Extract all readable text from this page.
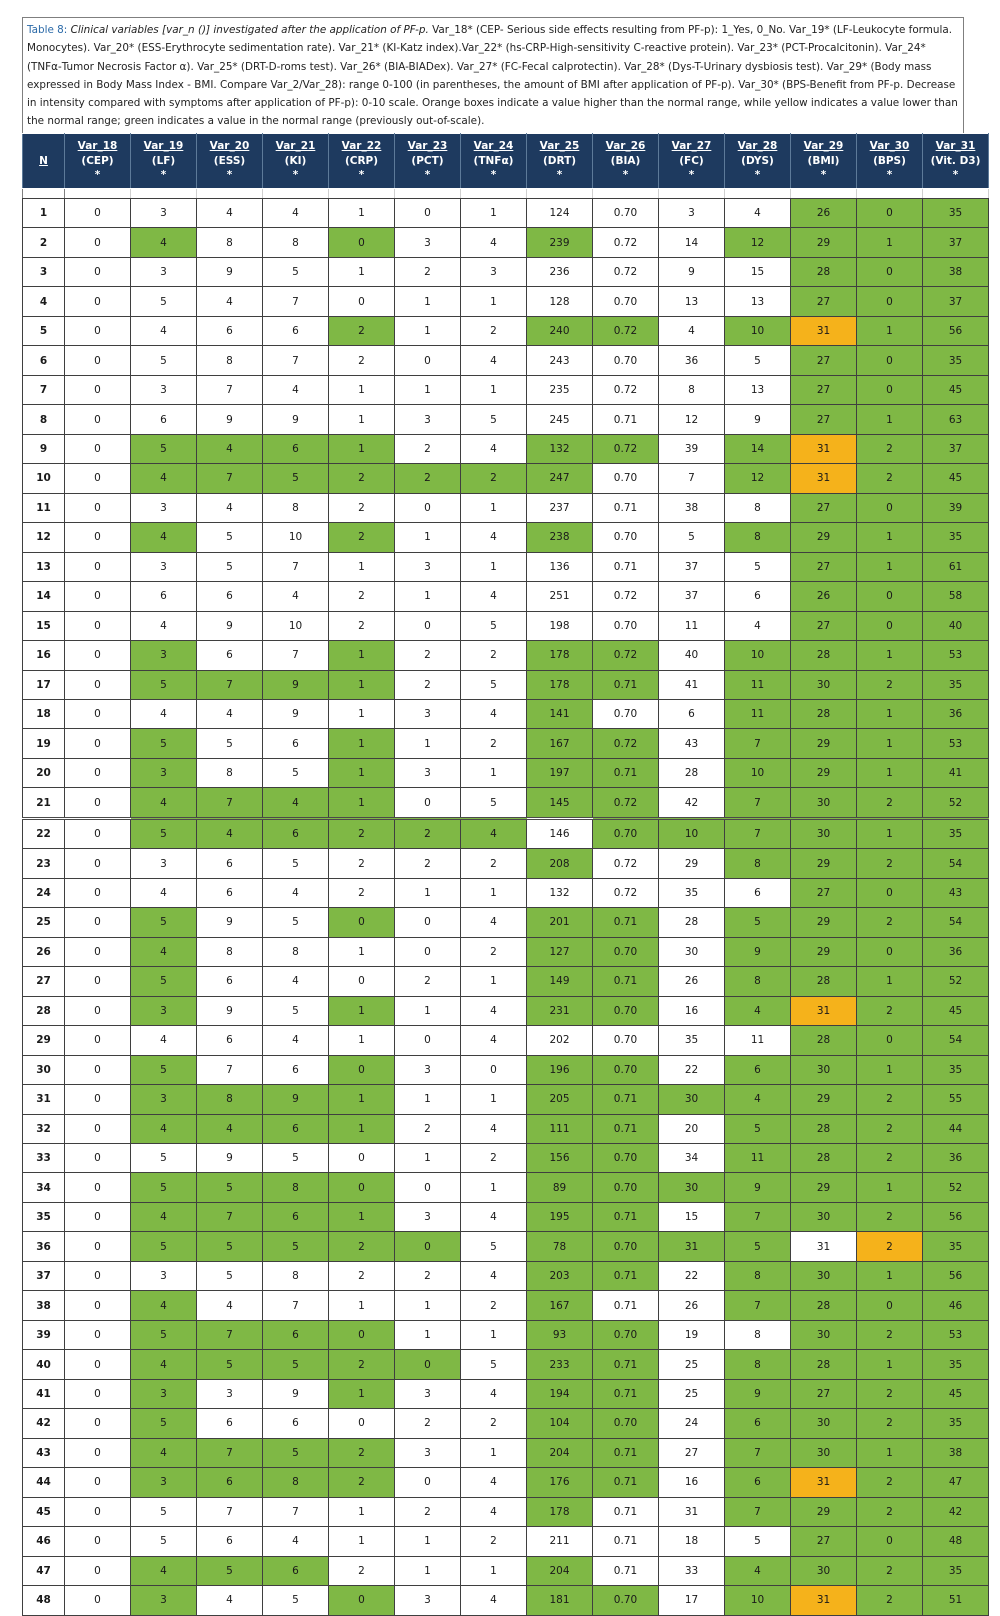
Table 8: Clinical variables [var_n ()] investigated after the application of PF-p. Var_18* (CEP- Serious side effects resulting from PF-p): 1_Yes, 0_No. Var_19* (LF-Leukocyte formula. Monocytes). Var_20* (ESS-Erythrocyte sedimentation rate). Var_21* (KI-Katz index).Var_22* (hs-CRP-High-sensitivity C-reactive protein). Var_23* (PCT-Procalcitonin). Var_24* (TNFα-Tumor Necrosis Factor α). Var_25* (DRT-D-roms test). Var_26* (BIA-BIADex). Var_27* (FC-Fecal calprotectin). Var_28* (Dys-T-Urinary dysbiosis test). Var_29* (Body mass expressed in Body Mass Index - BMI. Compare Var_2/Var_28): range 0-100 (in parentheses, the amount of BMI after application of PF-p). Var_30* (BPS-Benefit from PF-p. Decrease in intensity compared with symptoms after application of PF-p): 0-10 scale. Orange boxes indicate a value higher than the normal range, while yellow indicates a value lower than the normal range; green indicates a value in the normal range (previously out-of-scale).
N	Var_18
(CEP)
*	Var_19
(LF)
*	Var_20
(ESS)
*	Var_21
(KI)
*	Var_22
(CRP)
*	Var_23
(PCT)
*	Var_24
(TNFα)
*	Var_25
(DRT)
*	Var_26
(BIA)
*	Var_27
(FC)
*	Var_28
(DYS)
*	Var_29
(BMI)
*	Var_30
(BPS)
*	Var_31
(Vit. D3)
*

1	0	3	4	4	1	0	1	124	0.70	3	4	26	0	35
2	0	4	8	8	0	3	4	239	0.72	14	12	29	1	37
3	0	3	9	5	1	2	3	236	0.72	9	15	28	0	38
4	0	5	4	7	0	1	1	128	0.70	13	13	27	0	37
5	0	4	6	6	2	1	2	240	0.72	4	10	31	1	56
6	0	5	8	7	2	0	4	243	0.70	36	5	27	0	35
7	0	3	7	4	1	1	1	235	0.72	8	13	27	0	45
8	0	6	9	9	1	3	5	245	0.71	12	9	27	1	63
9	0	5	4	6	1	2	4	132	0.72	39	14	31	2	37
10	0	4	7	5	2	2	2	247	0.70	7	12	31	2	45
11	0	3	4	8	2	0	1	237	0.71	38	8	27	0	39
12	0	4	5	10	2	1	4	238	0.70	5	8	29	1	35
13	0	3	5	7	1	3	1	136	0.71	37	5	27	1	61
14	0	6	6	4	2	1	4	251	0.72	37	6	26	0	58
15	0	4	9	10	2	0	5	198	0.70	11	4	27	0	40
16	0	3	6	7	1	2	2	178	0.72	40	10	28	1	53
17	0	5	7	9	1	2	5	178	0.71	41	11	30	2	35
18	0	4	4	9	1	3	4	141	0.70	6	11	28	1	36
19	0	5	5	6	1	1	2	167	0.72	43	7	29	1	53
20	0	3	8	5	1	3	1	197	0.71	28	10	29	1	41
21	0	4	7	4	1	0	5	145	0.72	42	7	30	2	52
22	0	5	4	6	2	2	4	146	0.70	10	7	30	1	35
23	0	3	6	5	2	2	2	208	0.72	29	8	29	2	54
24	0	4	6	4	2	1	1	132	0.72	35	6	27	0	43
25	0	5	9	5	0	0	4	201	0.71	28	5	29	2	54
26	0	4	8	8	1	0	2	127	0.70	30	9	29	0	36
27	0	5	6	4	0	2	1	149	0.71	26	8	28	1	52
28	0	3	9	5	1	1	4	231	0.70	16	4	31	2	45
29	0	4	6	4	1	0	4	202	0.70	35	11	28	0	54
30	0	5	7	6	0	3	0	196	0.70	22	6	30	1	35
31	0	3	8	9	1	1	1	205	0.71	30	4	29	2	55
32	0	4	4	6	1	2	4	111	0.71	20	5	28	2	44
33	0	5	9	5	0	1	2	156	0.70	34	11	28	2	36
34	0	5	5	8	0	0	1	89	0.70	30	9	29	1	52
35	0	4	7	6	1	3	4	195	0.71	15	7	30	2	56
36	0	5	5	5	2	0	5	78	0.70	31	5	31	2	35
37	0	3	5	8	2	2	4	203	0.71	22	8	30	1	56
38	0	4	4	7	1	1	2	167	0.71	26	7	28	0	46
39	0	5	7	6	0	1	1	93	0.70	19	8	30	2	53
40	0	4	5	5	2	0	5	233	0.71	25	8	28	1	35
41	0	3	3	9	1	3	4	194	0.71	25	9	27	2	45
42	0	5	6	6	0	2	2	104	0.70	24	6	30	2	35
43	0	4	7	5	2	3	1	204	0.71	27	7	30	1	38
44	0	3	6	8	2	0	4	176	0.71	16	6	31	2	47
45	0	5	7	7	1	2	4	178	0.71	31	7	29	2	42
46	0	5	6	4	1	1	2	211	0.71	18	5	27	0	48
47	0	4	5	6	2	1	1	204	0.71	33	4	30	2	35
48	0	3	4	5	0	3	4	181	0.70	17	10	31	2	51
